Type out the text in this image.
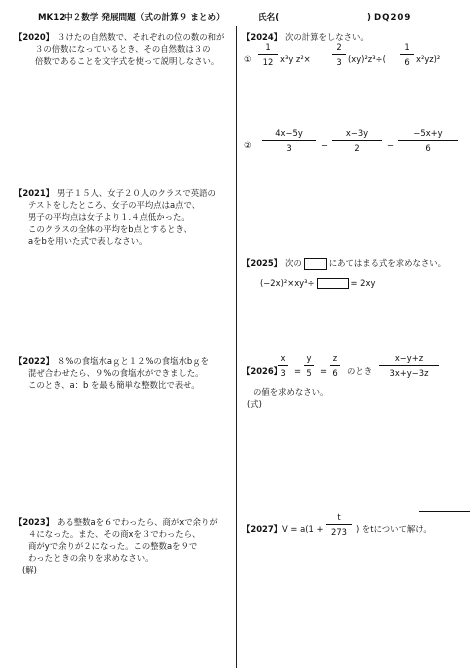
MK12
中２数学 発展問題（式の計算９ まとめ）	氏名(	) DQ209
【2020】 ３けたの自然数で、それぞれの位の数の和が
３の倍数になっているとき、その自然数は３の
倍数であることを文字式を使って説明しなさい。
【2021】 男子１５人、女子２０人のクラスで英語の
テストをしたところ、女子の平均点はa点で、
男子の平均点は女子より１.４点低かった。
このクラスの全体の平均をb点とするとき、
aをbを用いた式で表しなさい。
【2022】 ８%の食塩水aｇと１２%の食塩水bｇを
混ぜ合わせたら、９%の食塩水ができました。
このとき、a：b を最も簡単な整数比で表せ。
【2023】 ある整数aを６でわったら、商がxで余りが
４になった。また、その商xを３でわったら、
商がyで余りが２になった。この整数aを９で
わったときの余りを求めなさい。
(解)
【2024】 次の計算をしなさい。
①
1
12 x³y z²×
2
3 (xy)²z³÷(
1
6 x²yz)²
②
4x−5y
3	−
x−3y
2	−
−5x+y
6
【2025】 次の	にあてはまる式を求めなさい。
(−2x)²×xy³÷	= 2xy
【2026】
x
3 =
y
5 =
z
6 のとき
x−y+z
3x+y−3z
の値を求めなさい。
(式)
【2027】 V = a(1 +
t
273	) をtについて解け。
